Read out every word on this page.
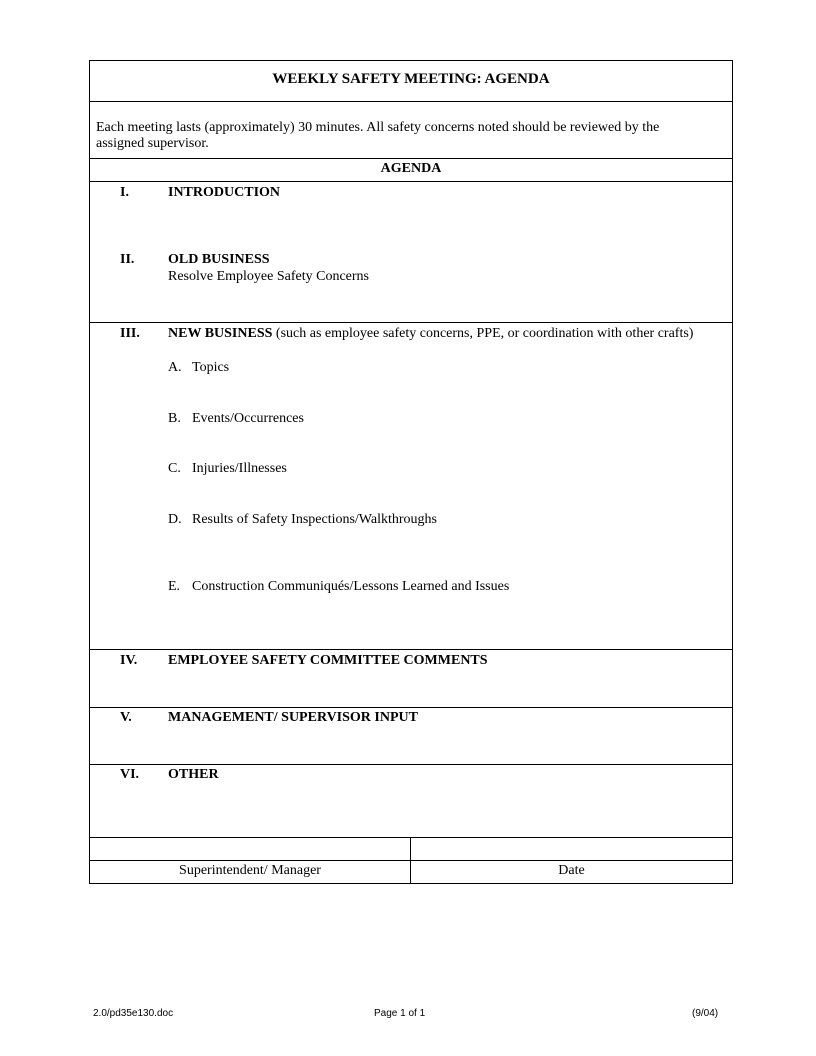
WEEKLY SAFETY MEETING: AGENDA
Each meeting lasts (approximately) 30 minutes. All safety concerns noted should be reviewed by the assigned supervisor.
AGENDA
I.	INTRODUCTION
II. OLD BUSINESS
Resolve Employee Safety Concerns
III. NEW BUSINESS (such as employee safety concerns, PPE, or coordination with other crafts)
A. Topics
B. Events/Occurrences
C. Injuries/Illnesses
D. Results of Safety Inspections/Walkthroughs
E. Construction Communiqués/Lessons Learned and Issues
IV. EMPLOYEE SAFETY COMMITTEE COMMENTS
V.	MANAGEMENT/ SUPERVISOR INPUT
VI. OTHER
Superintendent/ Manager	Date
2.0/pd35e130.doc	Page 1 of 1	(9/04)
